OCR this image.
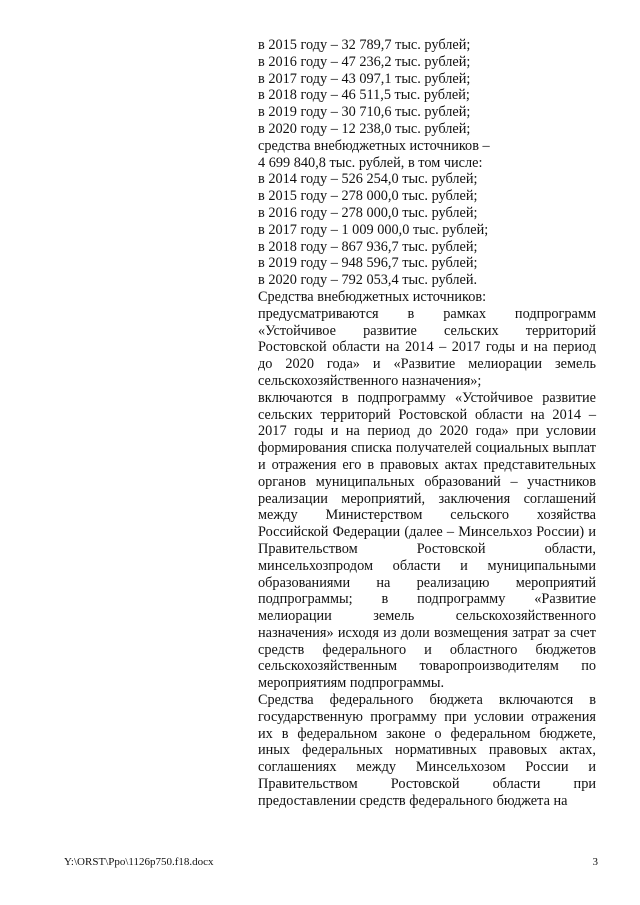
в 2015 году – 32 789,7 тыс. рублей;
в 2016 году – 47 236,2 тыс. рублей;
в 2017 году – 43 097,1 тыс. рублей;
в 2018 году – 46 511,5 тыс. рублей;
в 2019 году – 30 710,6 тыс. рублей;
в 2020 году – 12 238,0 тыс. рублей;
средства внебюджетных источников –
4 699 840,8 тыс. рублей, в том числе:
в 2014 году – 526 254,0 тыс. рублей;
в 2015 году – 278 000,0 тыс. рублей;
в 2016 году – 278 000,0 тыс. рублей;
в 2017 году – 1 009 000,0 тыс. рублей;
в 2018 году – 867 936,7 тыс. рублей;
в 2019 году – 948 596,7 тыс. рублей;
в 2020 году – 792 053,4 тыс. рублей.
Средства внебюджетных источников:

предусматриваются в рамках подпрограмм «Устойчивое развитие сельских территорий Ростовской области на 2014 – 2017 годы и на период до 2020 года» и «Развитие мелиорации земель сельскохозяйственного назначения»;

включаются в подпрограмму «Устойчивое развитие сельских территорий Ростовской области на 2014 – 2017 годы и на период до 2020 года» при условии формирования списка получателей социальных выплат и отражения его в правовых актах представительных органов муниципальных образований – участников реализации мероприятий, заключения соглашений между Министерством сельского хозяйства Российской Федерации (далее – Минсельхоз России) и Правительством Ростовской области, минсельхозпродом области и муниципальными образованиями на реализацию мероприятий подпрограммы; в подпрограмму «Развитие мелиорации земель сельскохозяйственного назначения» исходя из доли возмещения затрат за счет средств федерального и областного бюджетов сельскохозяйственным товаропроизводителям по мероприятиям подпрограммы.

Средства федерального бюджета включаются в государственную программу при условии отражения их в федеральном законе о федеральном бюджете, иных федеральных нормативных правовых актах, соглашениях между Минсельхозом России и Правительством Ростовской области при предоставлении средств федерального бюджета на

Y:\ORST\Ppo\1126p750.f18.docx	3
